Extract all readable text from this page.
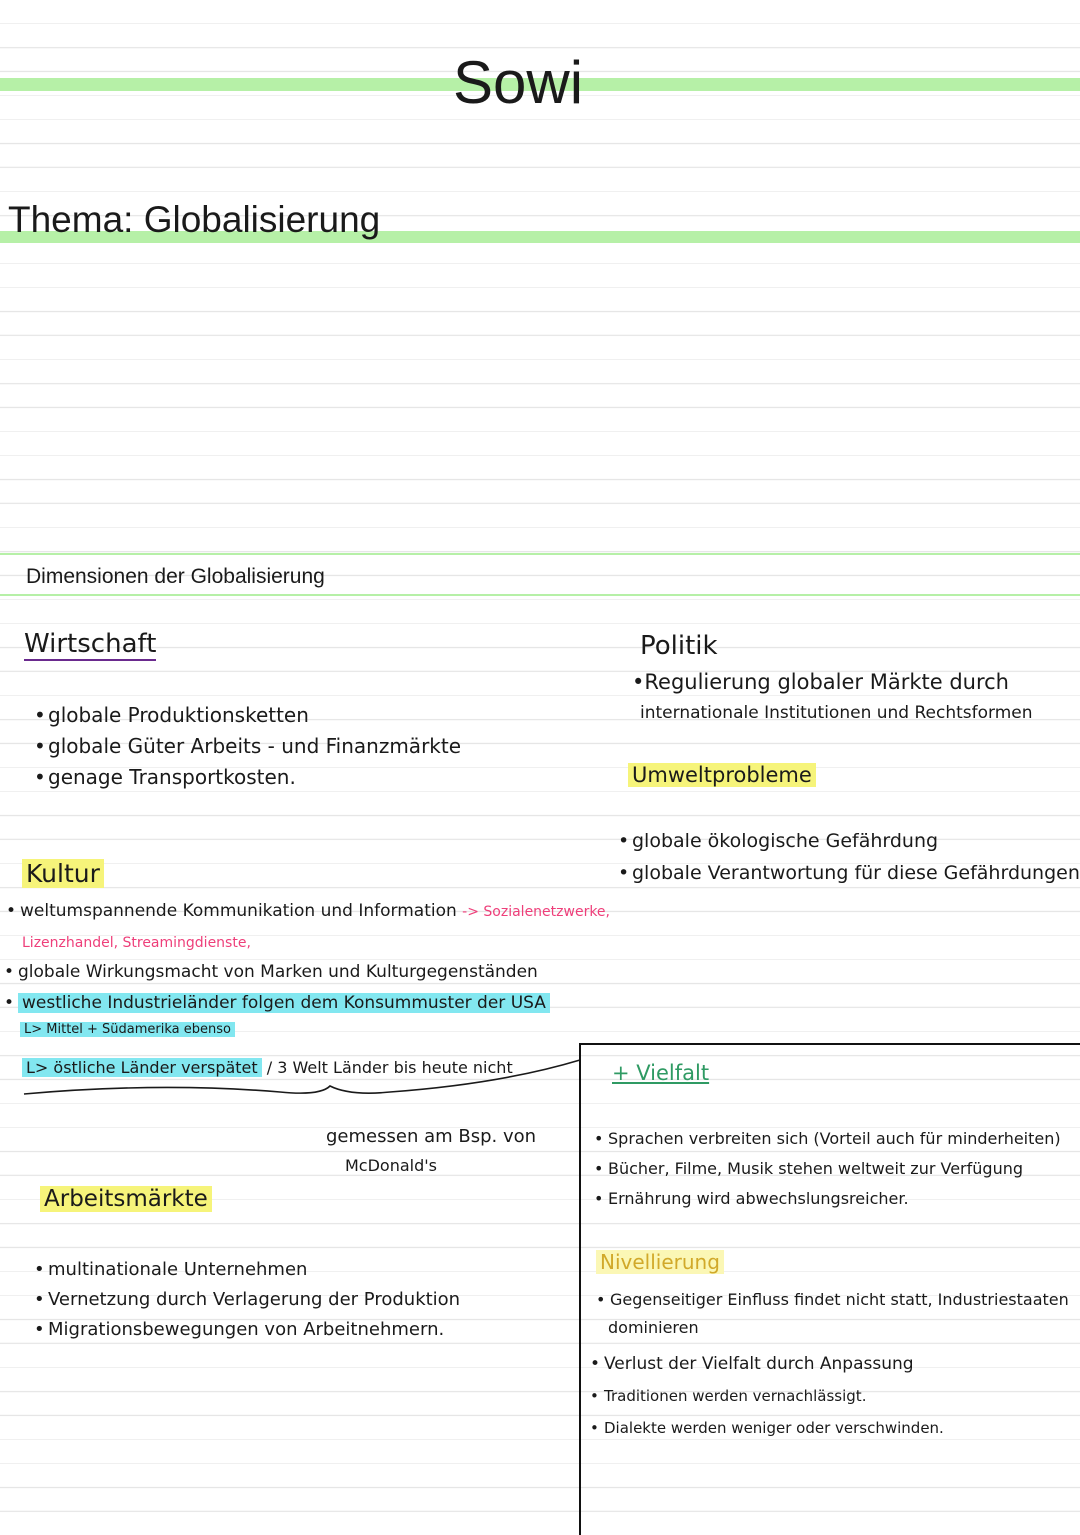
Sowi
Thema: Globalisierung
Dimensionen der Globalisierung
Wirtschaft
• globale Produktionsketten
• globale Güter Arbeits - und Finanzmärkte
• genage Transportkosten.
Politik
•Regulierung globaler Märkte durch
internationale Institutionen und Rechtsformen
Umweltprobleme
• globale ökologische Gefährdung
• globale Verantwortung für diese Gefährdungen
Kultur
• weltumspannende Kommunikation und Information -> Sozialenetzwerke,
Lizenzhandel, Streamingdienste,
• globale Wirkungsmacht von Marken und Kulturgegenständen
• westliche Industrieländer folgen dem Konsummuster der USA
L> Mittel + Südamerika ebenso
L> östliche Länder verspätet / 3 Welt Länder bis heute nicht
gemessen am Bsp. von
McDonald's
Arbeitsmärkte
• multinationale Unternehmen
• Vernetzung durch Verlagerung der Produktion
• Migrationsbewegungen von Arbeitnehmern.
+ Vielfalt
• Sprachen verbreiten sich (Vorteil auch für minderheiten)
• Bücher, Filme, Musik stehen weltweit zur Verfügung
• Ernährung wird abwechslungsreicher.
Nivellierung
• Gegenseitiger Einfluss findet nicht statt, Industriestaaten
dominieren
• Verlust der Vielfalt durch Anpassung
• Traditionen werden vernachlässigt.
• Dialekte werden weniger oder verschwinden.
